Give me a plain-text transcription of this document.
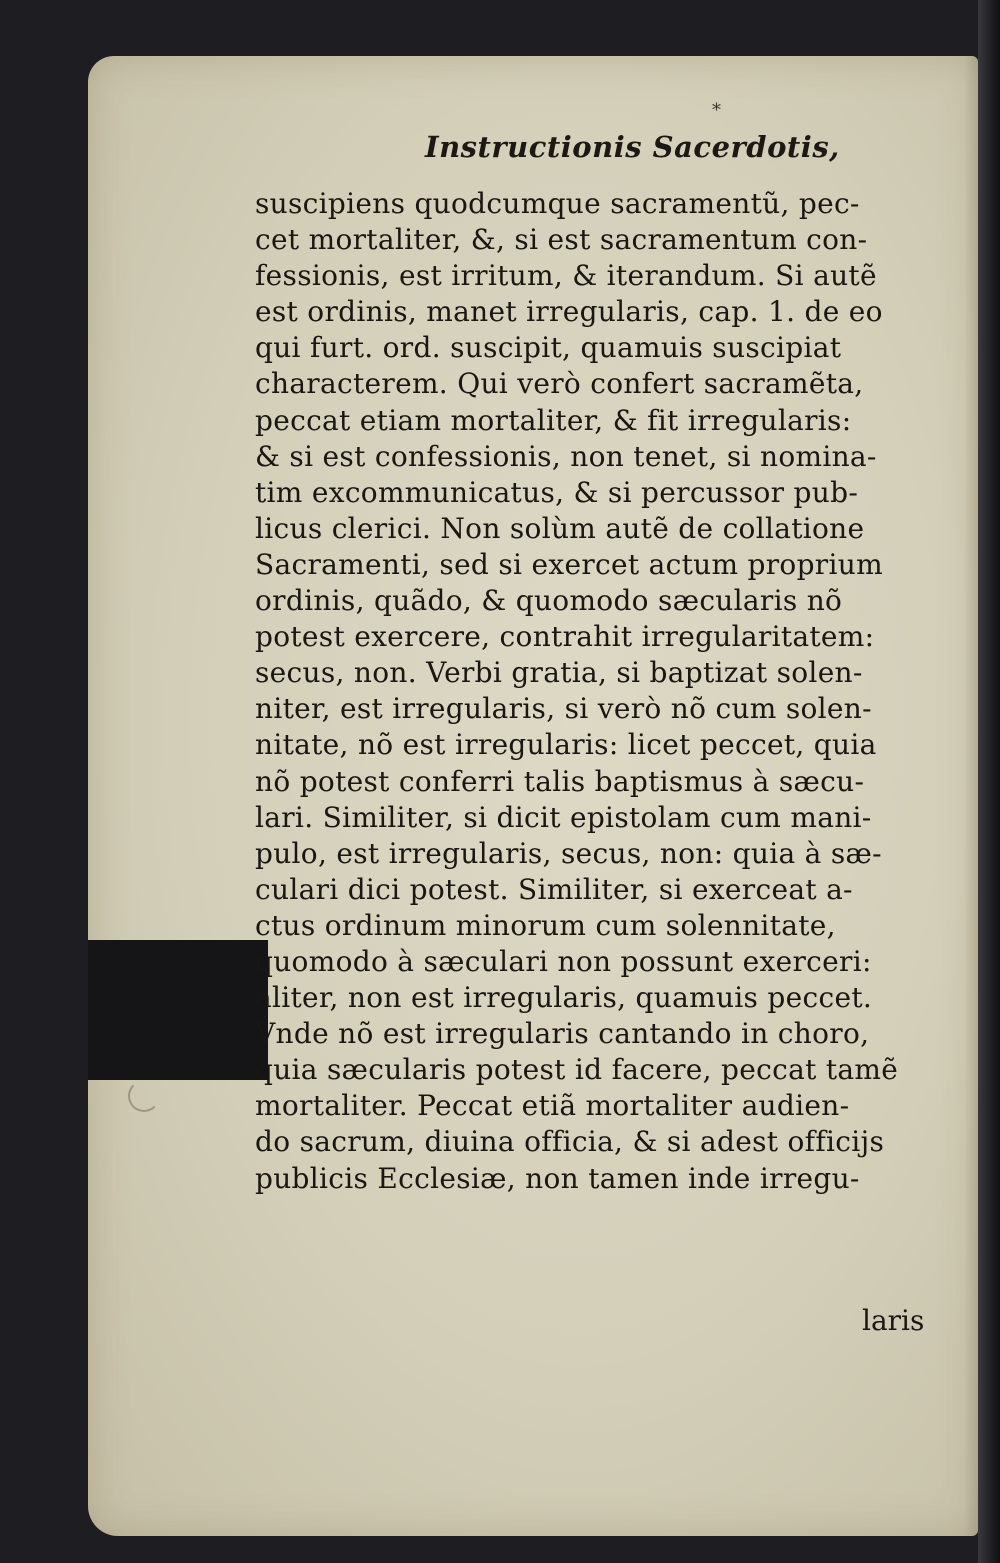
*
Instructionis Sacerdotis,
suscipiens quodcumque sacramentũ, pec-
cet mortaliter, &, si est sacramentum con-
fessionis, est irritum, & iterandum. Si autẽ
est ordinis, manet irregularis, cap. 1. de eo
qui furt. ord. suscipit, quamuis suscipiat
characterem. Qui verò confert sacramẽta,
peccat etiam mortaliter, & fit irregularis:
& si est confessionis, non tenet, si nomina-
tim excommunicatus, & si percussor pub-
licus clerici. Non solùm autẽ de collatione
Sacramenti, sed si exercet actum proprium
ordinis, quãdo, & quomodo sæcularis nõ
potest exercere, contrahit irregularitatem:
secus, non. Verbi gratia, si baptizat solen-
niter, est irregularis, si verò nõ cum solen-
nitate, nõ est irregularis: licet peccet, quia
nõ potest conferri talis baptismus à sæcu-
lari. Similiter, si dicit epistolam cum mani-
pulo, est irregularis, secus, non: quia à sæ-
culari dici potest. Similiter, si exerceat a-
ctus ordinum minorum cum solennitate,
quomodo à sæculari non possunt exerceri:
aliter, non est irregularis, quamuis peccet.
Vnde nõ est irregularis cantando in choro,
quia sæcularis potest id facere, peccat tamẽ
mortaliter. Peccat etiã mortaliter audien-
do sacrum, diuina officia, & si adest officijs
publicis Ecclesiæ, non tamen inde irregu-
laris
